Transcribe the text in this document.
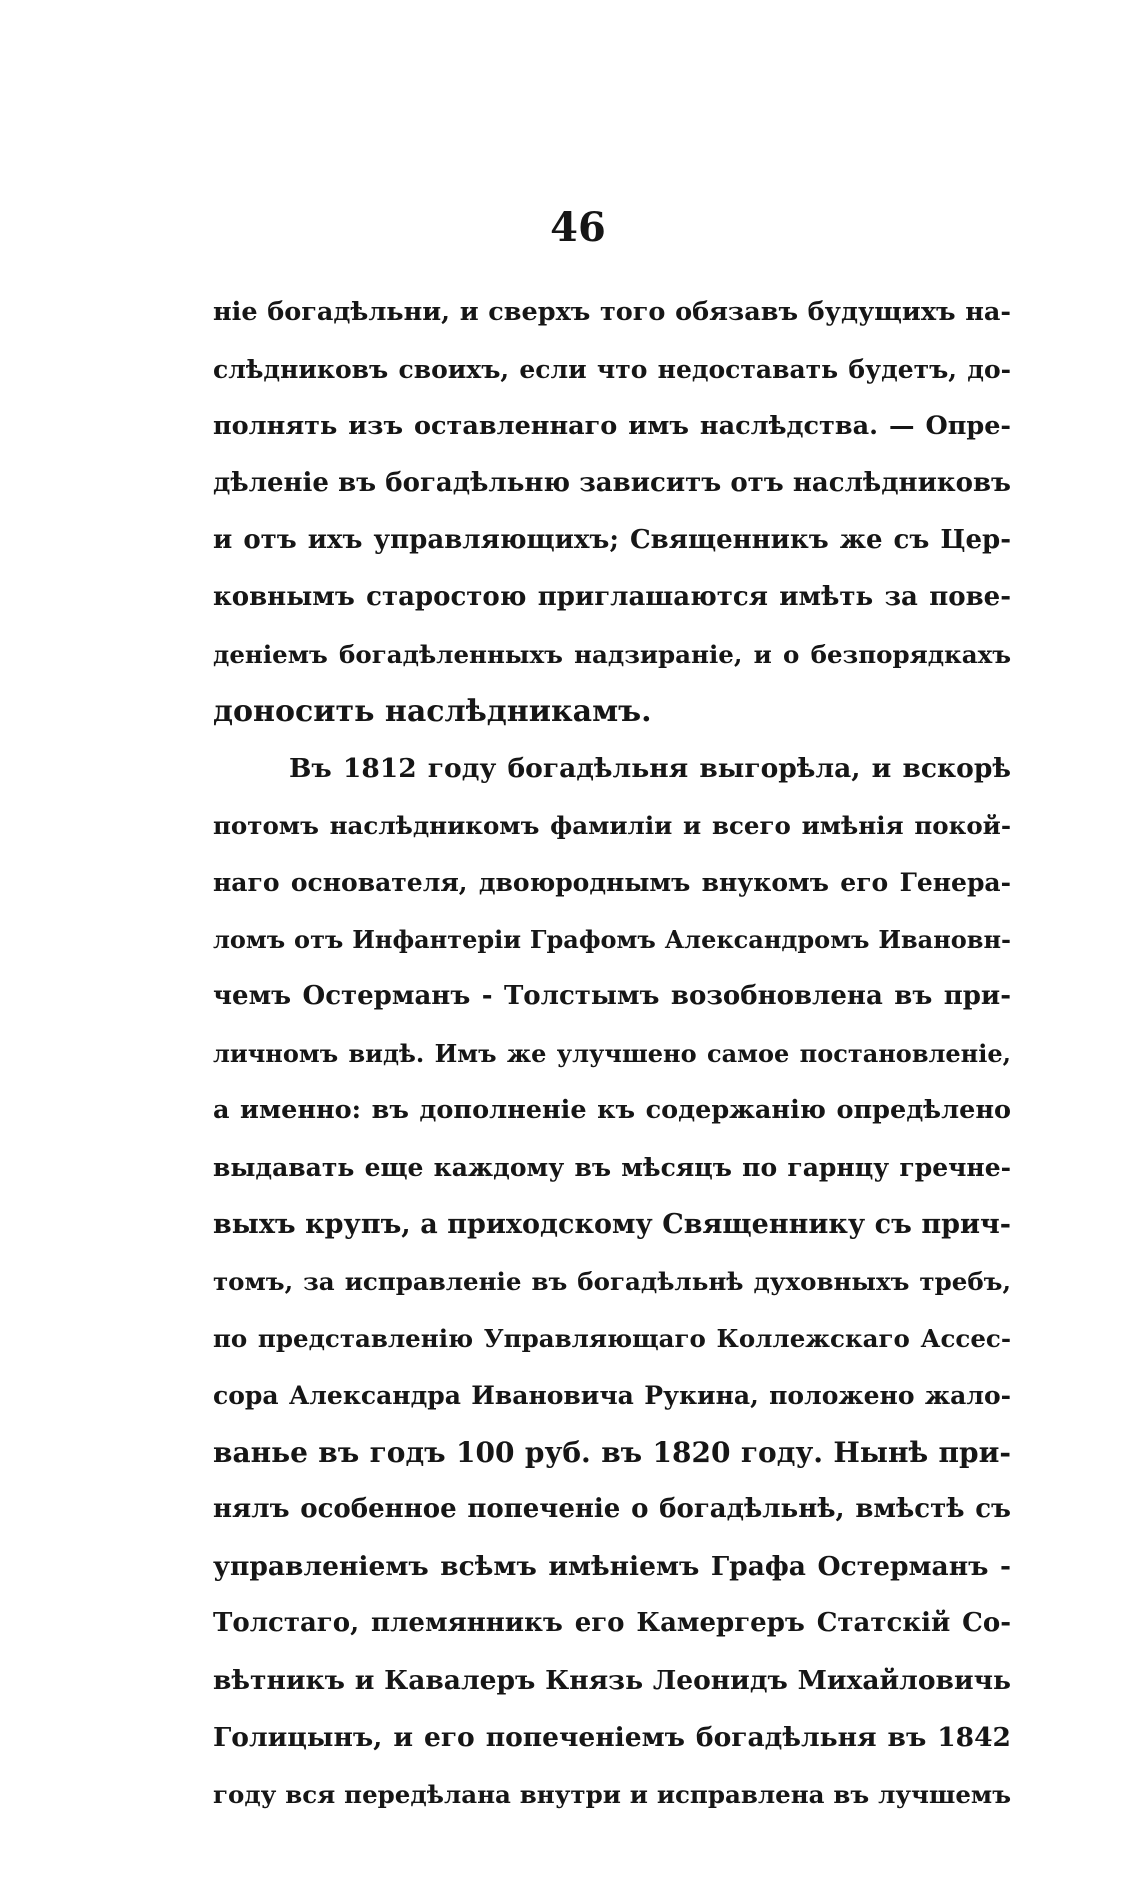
46
ніе богадѣльни, и сверхъ того обязавъ будущихъ на-
слѣдниковъ своихъ, если что недоставать будетъ, до-
полнять изъ оставленнаго имъ наслѣдства. — Опре-
дѣленіе въ богадѣльню зависитъ отъ наслѣдниковъ
и отъ ихъ управляющихъ; Священникъ же съ Цер-
ковнымъ старостою приглашаются имѣть за пове-
деніемъ богадѣленныхъ надзираніе, и о безпорядкахъ
доносить наслѣдникамъ.
Въ 1812 году богадѣльня выгорѣла, и вскорѣ
потомъ наслѣдникомъ фамиліи и всего имѣнія покой-
наго основателя, двоюроднымъ внукомъ его Генера-
ломъ отъ Инфантеріи Графомъ Александромъ Ивановн-
чемъ Остерманъ - Толстымъ возобновлена въ при-
личномъ видѣ. Имъ же улучшено самое постановленіе,
а именно: въ дополненіе къ содержанію опредѣлено
выдавать еще каждому въ мѣсяцъ по гарнцу гречне-
выхъ крупъ, а приходскому Священнику съ прич-
томъ, за исправленіе въ богадѣльнѣ духовныхъ требъ,
по представленію Управляющаго Коллежскаго Ассес-
сора Александра Ивановича Рукина, положено жало-
ванье въ годъ 100 руб. въ 1820 году. Нынѣ при-
нялъ особенное попеченіе о богадѣльнѣ, вмѣстѣ съ
управленіемъ всѣмъ имѣніемъ Графа Остерманъ -
Толстаго, племянникъ его Камергеръ Статскій Со-
вѣтникъ и Кавалеръ Князь Леонидъ Михайловичь
Голицынъ, и его попеченіемъ богадѣльня въ 1842
году вся передѣлана внутри и исправлена въ лучшемъ
